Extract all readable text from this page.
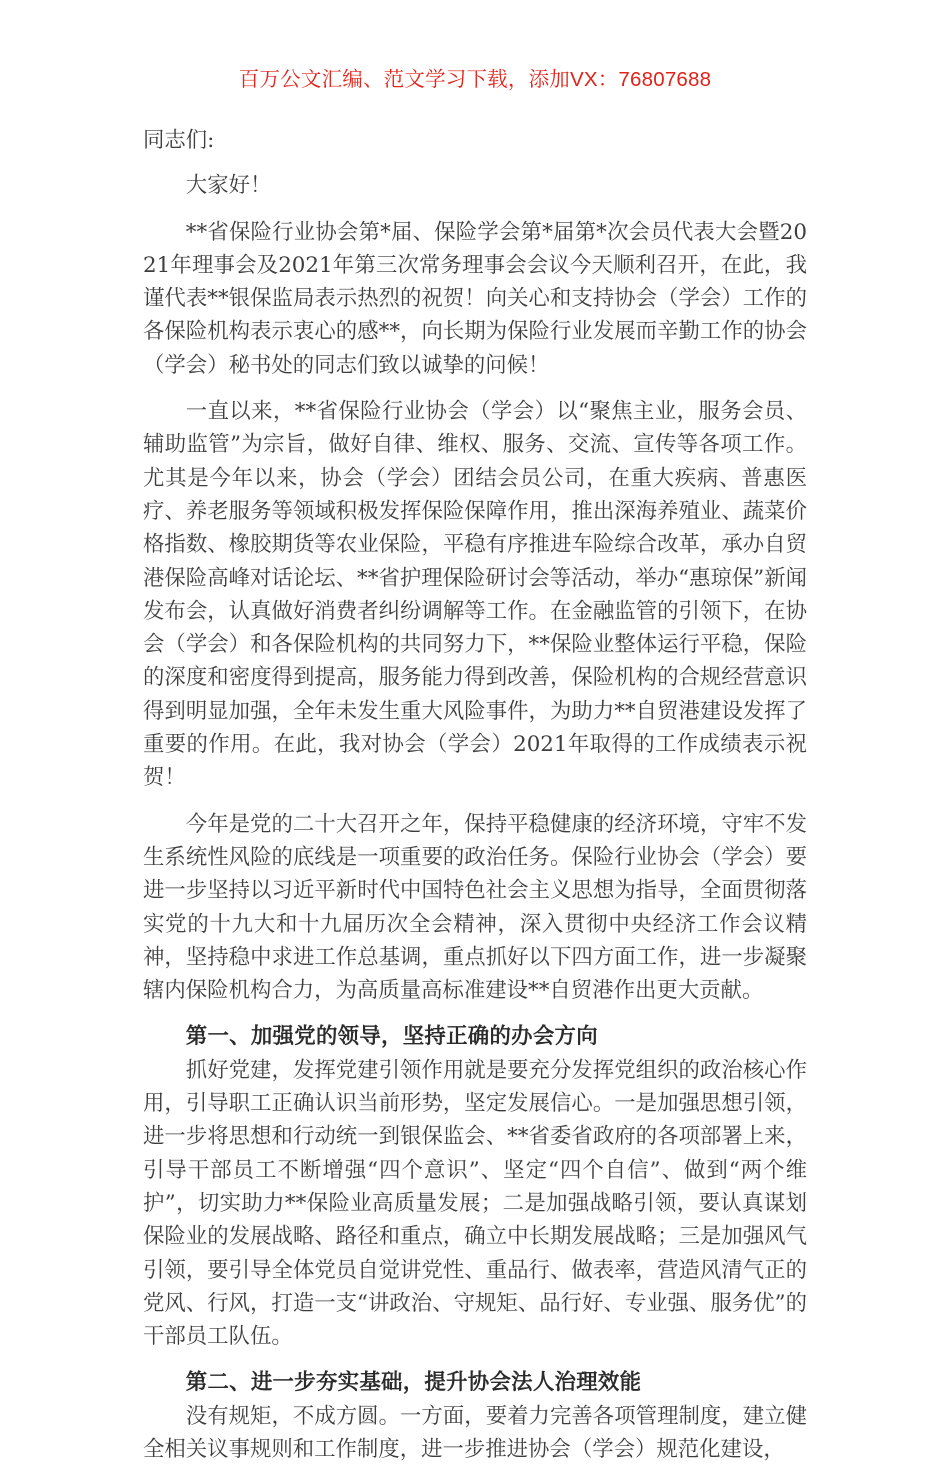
百万公文汇编、范文学习下载，添加VX：76807688

同志们:

大家好！

**省保险行业协会第*届、保险学会第*届第*次会员代表大会暨2021年理事会及2021年第三次常务理事会会议今天顺利召开，在此，我谨代表**银保监局表示热烈的祝贺！向关心和支持协会（学会）工作的各保险机构表示衷心的感**，向长期为保险行业发展而辛勤工作的协会（学会）秘书处的同志们致以诚挚的问候！

一直以来，**省保险行业协会（学会）以“聚焦主业，服务会员、辅助监管”为宗旨，做好自律、维权、服务、交流、宣传等各项工作。尤其是今年以来，协会（学会）团结会员公司，在重大疾病、普惠医疗、养老服务等领域积极发挥保险保障作用，推出深海养殖业、蔬菜价格指数、橡胶期货等农业保险，平稳有序推进车险综合改革，承办自贸港保险高峰对话论坛、**省护理保险研讨会等活动，举办“惠琼保”新闻发布会，认真做好消费者纠纷调解等工作。在金融监管的引领下，在协会（学会）和各保险机构的共同努力下，**保险业整体运行平稳，保险的深度和密度得到提高，服务能力得到改善，保险机构的合规经营意识得到明显加强，全年未发生重大风险事件，为助力**自贸港建设发挥了重要的作用。在此，我对协会（学会）2021年取得的工作成绩表示祝贺！

今年是党的二十大召开之年，保持平稳健康的经济环境，守牢不发生系统性风险的底线是一项重要的政治任务。保险行业协会（学会）要进一步坚持以习近平新时代中国特色社会主义思想为指导，全面贯彻落实党的十九大和十九届历次全会精神，深入贯彻中央经济工作会议精神，坚持稳中求进工作总基调，重点抓好以下四方面工作，进一步凝聚辖内保险机构合力，为高质量高标准建设**自贸港作出更大贡献。

第一、加强党的领导，坚持正确的办会方向

抓好党建，发挥党建引领作用就是要充分发挥党组织的政治核心作用，引导职工正确认识当前形势，坚定发展信心。一是加强思想引领，进一步将思想和行动统一到银保监会、**省委省政府的各项部署上来，引导干部员工不断增强“四个意识”、坚定“四个自信”、做到“两个维护”，切实助力**保险业高质量发展；二是加强战略引领，要认真谋划保险业的发展战略、路径和重点，确立中长期发展战略；三是加强风气引领，要引导全体党员自觉讲党性、重品行、做表率，营造风清气正的党风、行风，打造一支“讲政治、守规矩、品行好、专业强、服务优”的干部员工队伍。

第二、进一步夯实基础，提升协会法人治理效能

没有规矩，不成方圆。一方面，要着力完善各项管理制度，建立健全相关议事规则和工作制度，进一步推进协会（学会）规范化建设，
